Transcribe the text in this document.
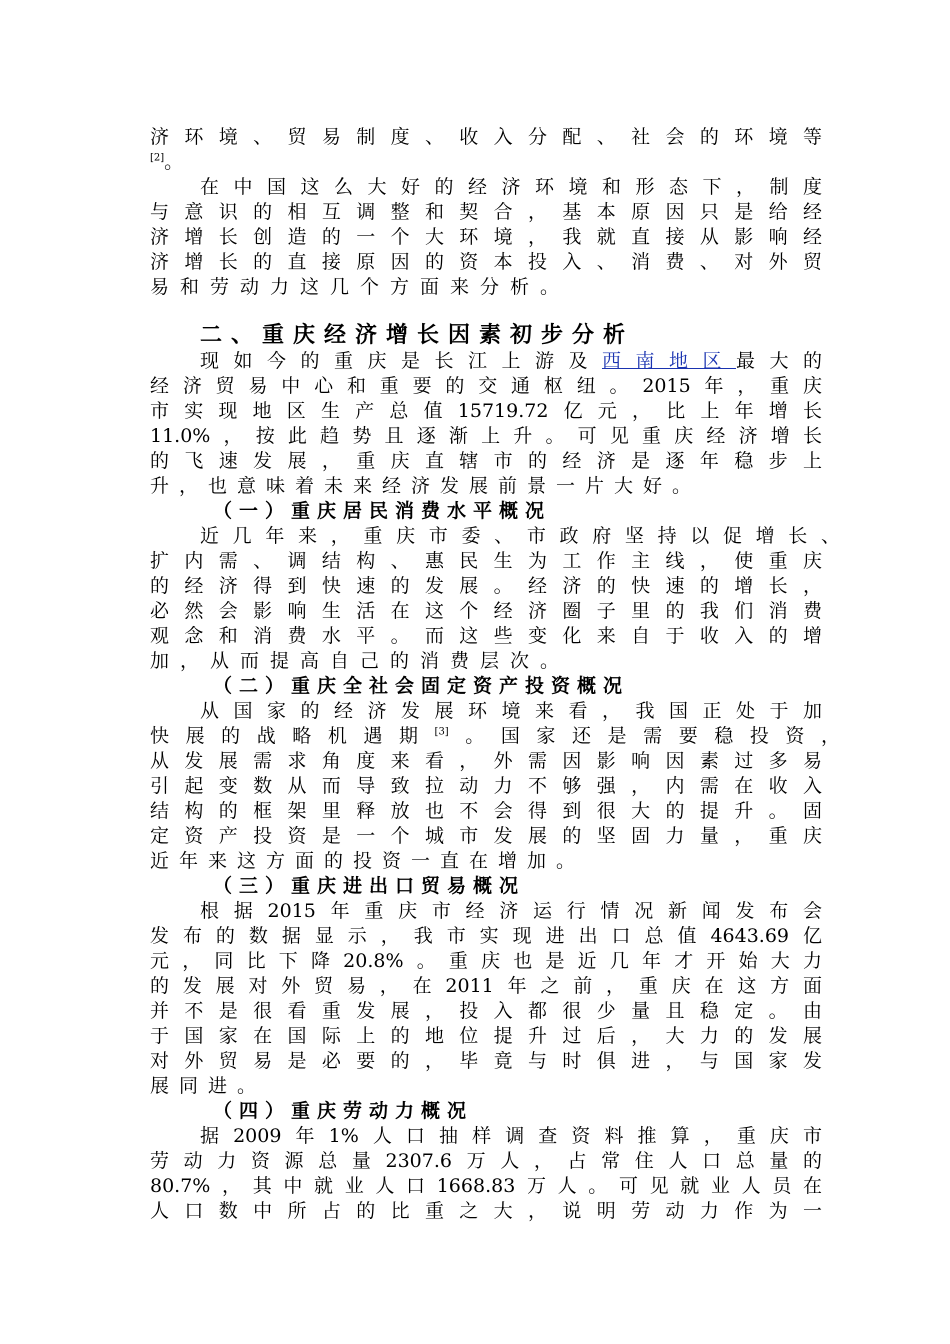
济环境、贸易制度、收入分配、社会的环境等
[2]。
在中国这么大好的经济环境和形态下，制度
与意识的相互调整和契合，基本原因只是给经
济增长创造的一个大环境，我就直接从影响经
济增长的直接原因的资本投入、消费、对外贸
易和劳动力这几个方面来分析。
二、重庆经济增长因素初步分析
现如今的重庆是长江上游及西南地区最大的
经济贸易中心和重要的交通枢纽。2015年，重庆
市实现地区生产总值15719.72亿元，比上年增长
11.0%，按此趋势且逐渐上升。可见重庆经济增长
的飞速发展，重庆直辖市的经济是逐年稳步上
升，也意味着未来经济发展前景一片大好。
（一）重庆居民消费水平概况
近几年来，重庆市委、市政府坚持以促增长、
扩内需、调结构、惠民生为工作主线，使重庆
的经济得到快速的发展。经济的快速的增长，
必然会影响生活在这个经济圈子里的我们消费
观念和消费水平。而这些变化来自于收入的增
加，从而提高自己的消费层次。
（二）重庆全社会固定资产投资概况
从国家的经济发展环境来看，我国正处于加
快展的战略机遇期[3]。国家还是需要稳投资，
从发展需求角度来看，外需因影响因素过多易
引起变数从而导致拉动力不够强，内需在收入
结构的框架里释放也不会得到很大的提升。固
定资产投资是一个城市发展的坚固力量，重庆
近年来这方面的投资一直在增加。
（三）重庆进出口贸易概况
根据2015年重庆市经济运行情况新闻发布会
发布的数据显示，我市实现进出口总值4643.69亿
元，同比下降20.8%。重庆也是近几年才开始大力
的发展对外贸易，在2011年之前，重庆在这方面
并不是很看重发展，投入都很少量且稳定。由
于国家在国际上的地位提升过后，大力的发展
对外贸易是必要的，毕竟与时俱进，与国家发
展同进。
（四）重庆劳动力概况
据2009年1%人口抽样调查资料推算，重庆市
劳动力资源总量2307.6万人，占常住人口总量的
80.7%，其中就业人口1668.83万人。可见就业人员在
人口数中所占的比重之大，说明劳动力作为一
